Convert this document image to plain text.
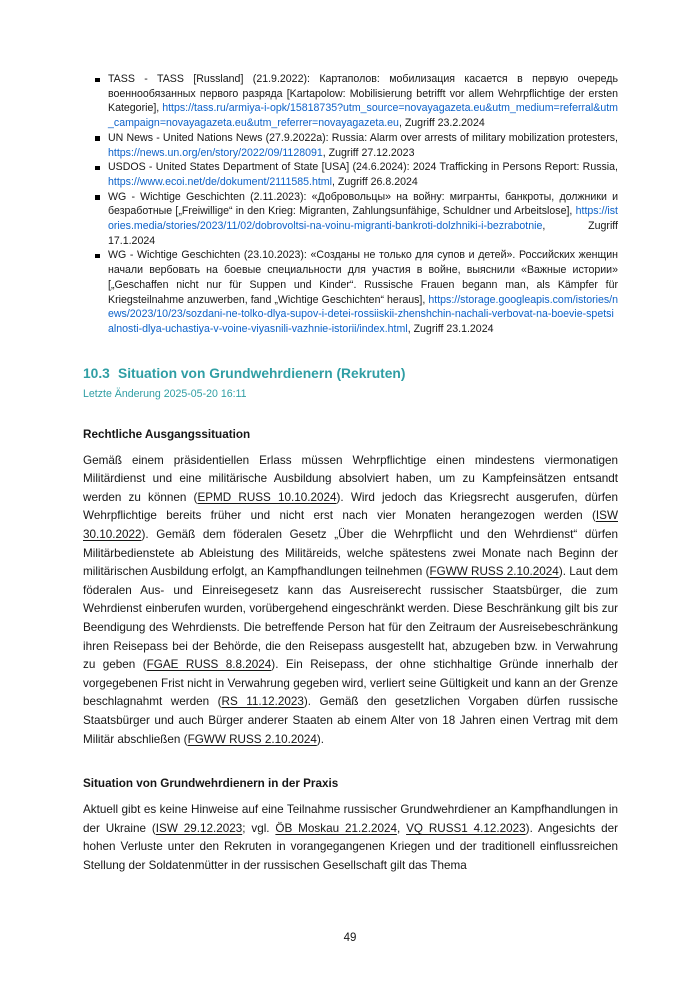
TASS - TASS [Russland] (21.9.2022): Картаполов: мобилизация касается в первую очередь военнообязанных первого разряда [Kartapolow: Mobilisierung betrifft vor allem Wehrpflichtige der ersten Kategorie], https://tass.ru/armiya-i-opk/15818735?utm_source=novayagazeta.eu&utm_medium=referral&utm_campaign=novayagazeta.eu&utm_referrer=novayagazeta.eu, Zugriff 23.2.2024
UN News - United Nations News (27.9.2022a): Russia: Alarm over arrests of military mobilization protesters, https://news.un.org/en/story/2022/09/1128091, Zugriff 27.12.2023
USDOS - United States Department of State [USA] (24.6.2024): 2024 Trafficking in Persons Report: Russia, https://www.ecoi.net/de/dokument/2111585.html, Zugriff 26.8.2024
WG - Wichtige Geschichten (2.11.2023): «Добровольцы» на войну: мигранты, банкроты, должники и безработные [„Freiwillige“ in den Krieg: Migranten, Zahlungsunfähige, Schuldner und Arbeitslose], https://istories.media/stories/2023/11/02/dobrovoltsi-na-voinu-migranti-bankroti-dolzhniki-i-bezrabotnie, Zugriff 17.1.2024
WG - Wichtige Geschichten (23.10.2023): «Созданы не только для супов и детей». Российских женщин начали вербовать на боевые специальности для участия в войне, выяснили «Важные истории» [„Geschaffen nicht nur für Suppen und Kinder“. Russische Frauen begann man, als Kämpfer für Kriegsteilnahme anzuwerben, fand „Wichtige Geschichten“ heraus], https://storage.googleapis.com/istories/news/2023/10/23/sozdani-ne-tolko-dlya-supov-i-detei-rossiiskii-zhenshchin-nachali-verbovat-na-boevie-spetsialnosti-dlya-uchastiya-v-voine-viyasnili-vazhnie-istorii/index.html, Zugriff 23.1.2024
10.3 Situation von Grundwehrdienern (Rekruten)
Letzte Änderung 2025-05-20 16:11
Rechtliche Ausgangssituation

Gemäß einem präsidentiellen Erlass müssen Wehrpflichtige einen mindestens viermonatigen Militärdienst und eine militärische Ausbildung absolviert haben, um zu Kampfeinsätzen entsandt werden zu können (EPMD RUSS 10.10.2024). Wird jedoch das Kriegsrecht ausgerufen, dürfen Wehrpflichtige bereits früher und nicht erst nach vier Monaten herangezogen werden (ISW 30.10.2022). Gemäß dem föderalen Gesetz „Über die Wehrpflicht und den Wehrdienst“ dürfen Militärbedienstete ab Ableistung des Militäreids, welche spätestens zwei Monate nach Beginn der militärischen Ausbildung erfolgt, an Kampfhandlungen teilnehmen (FGWW RUSS 2.10.2024). Laut dem föderalen Aus- und Einreisegesetz kann das Ausreiserecht russischer Staatsbürger, die zum Wehrdienst einberufen wurden, vorübergehend eingeschränkt werden. Diese Beschränkung gilt bis zur Beendigung des Wehrdiensts. Die betreffende Person hat für den Zeitraum der Ausreisebeschränkung ihren Reisepass bei der Behörde, die den Reisepass ausgestellt hat, abzugeben bzw. in Verwahrung zu geben (FGAE RUSS 8.8.2024). Ein Reisepass, der ohne stichhaltige Gründe innerhalb der vorgegebenen Frist nicht in Verwahrung gegeben wird, verliert seine Gültigkeit und kann an der Grenze beschlagnahmt werden (RS 11.12.2023). Gemäß den gesetzlichen Vorgaben dürfen russische Staatsbürger und auch Bürger anderer Staaten ab einem Alter von 18 Jahren einen Vertrag mit dem Militär abschließen (FGWW RUSS 2.10.2024).

Situation von Grundwehrdienern in der Praxis

Aktuell gibt es keine Hinweise auf eine Teilnahme russischer Grundwehrdiener an Kampfhandlungen in der Ukraine (ISW 29.12.2023; vgl. ÖB Moskau 21.2.2024, VQ RUSS1 4.12.2023). Angesichts der hohen Verluste unter den Rekruten in vorangegangenen Kriegen und der traditionell einflussreichen Stellung der Soldatenmütter in der russischen Gesellschaft gilt das Thema

49
